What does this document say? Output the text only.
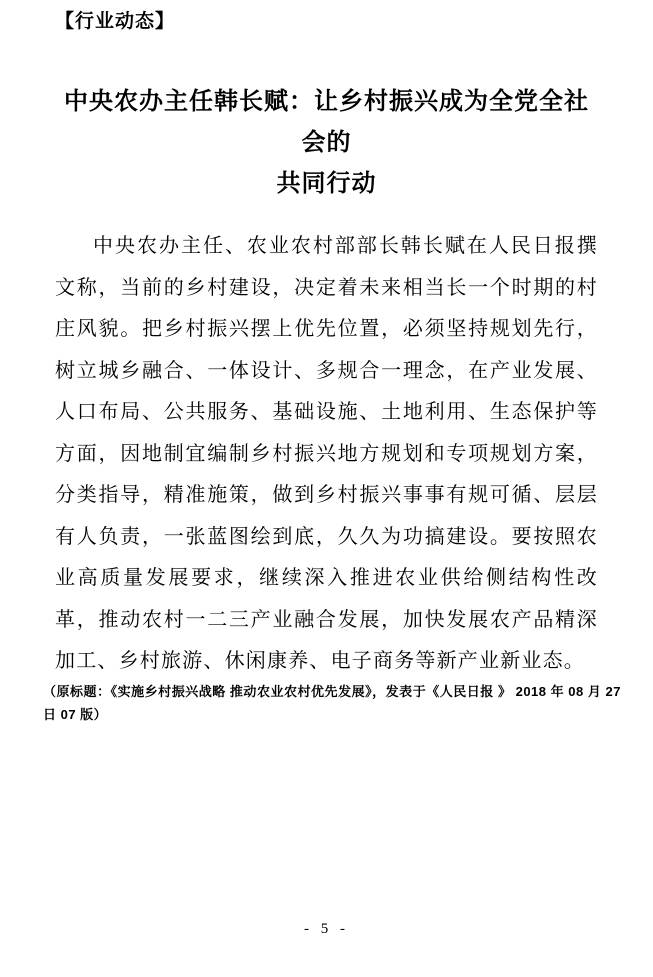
【行业动态】
中央农办主任韩长赋：让乡村振兴成为全党全社会的
共同行动

中央农办主任、农业农村部部长韩长赋在人民日报撰文称，当前的乡村建设，决定着未来相当长一个时期的村庄风貌。把乡村振兴摆上优先位置，必须坚持规划先行，树立城乡融合、一体设计、多规合一理念，在产业发展、人口布局、公共服务、基础设施、土地利用、生态保护等方面，因地制宜编制乡村振兴地方规划和专项规划方案，分类指导，精准施策，做到乡村振兴事事有规可循、层层有人负责，一张蓝图绘到底，久久为功搞建设。要按照农业高质量发展要求，继续深入推进农业供给侧结构性改革，推动农村一二三产业融合发展，加快发展农产品精深加工、乡村旅游、休闲康养、电子商务等新产业新业态。

（原标题：《实施乡村振兴战略 推动农业农村优先发展》，发表于《人民日报 》 2018 年 08 月 27 日 07 版）
- 5 -
